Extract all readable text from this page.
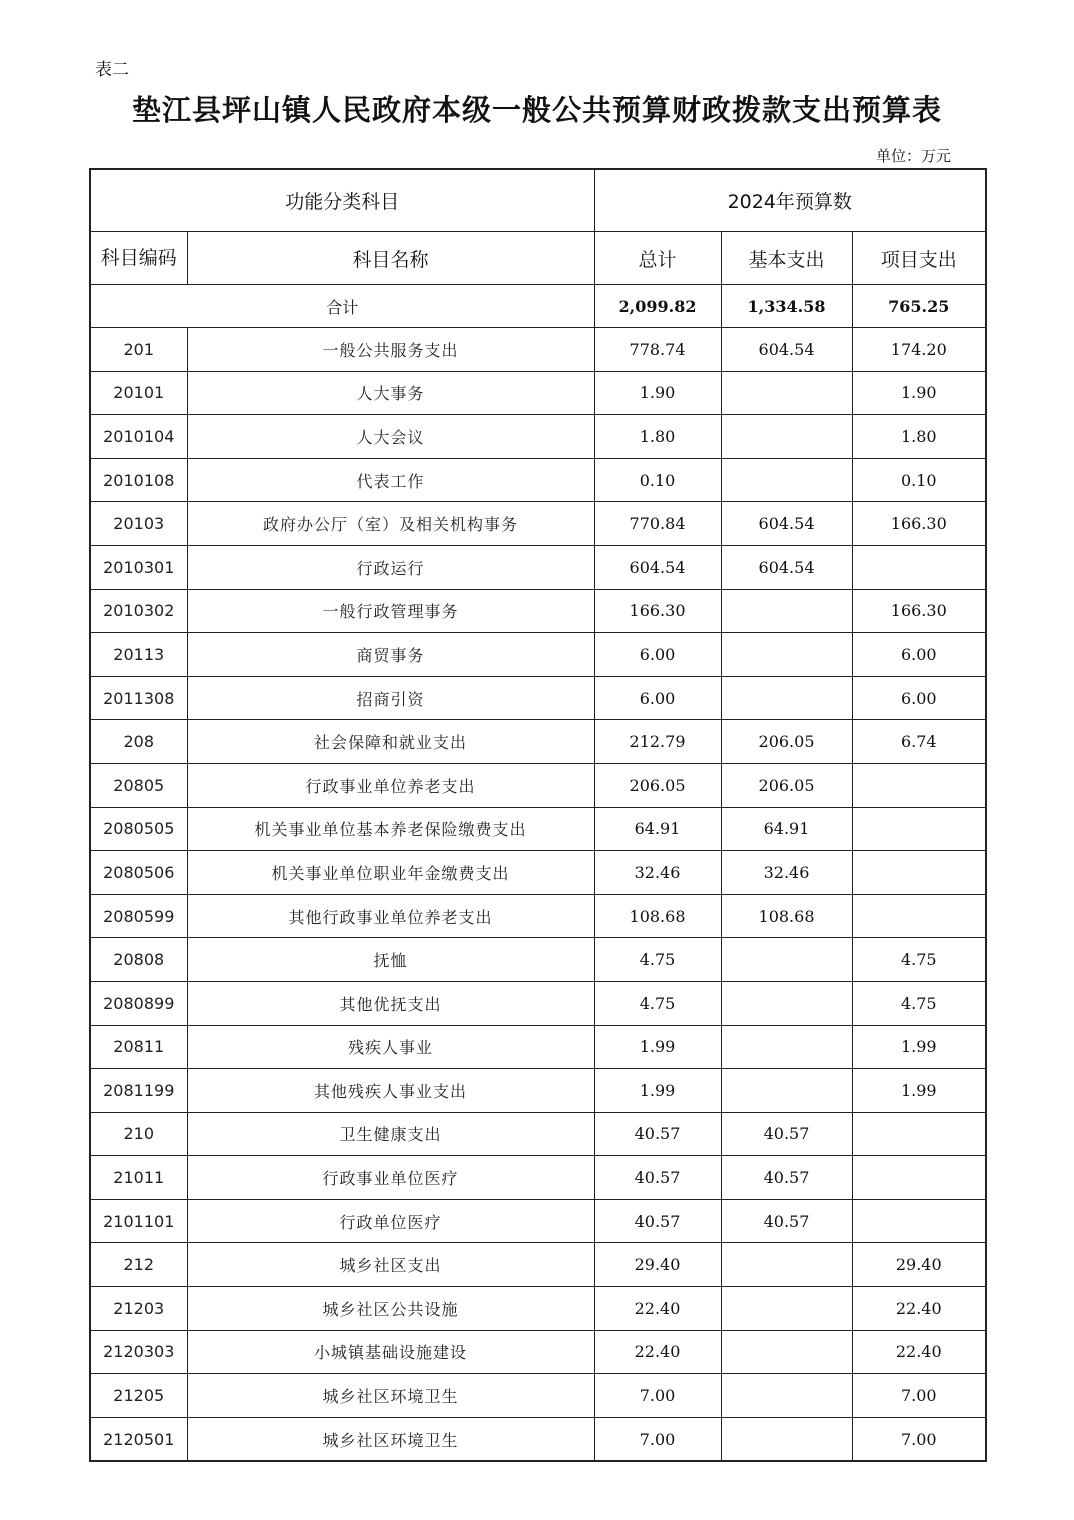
表二
垫江县坪山镇人民政府本级一般公共预算财政拨款支出预算表
单位：万元
功能分类科目		2024年预算数		
科目编码	科目名称	总计	基本支出	项目支出
合计		2,099.82	1,334.58	765.25
201	一般公共服务支出	778.74	604.54	174.20
20101	人大事务	1.90		1.90
2010104	人大会议	1.80		1.80
2010108	代表工作	0.10		0.10
20103	政府办公厅（室）及相关机构事务	770.84	604.54	166.30
2010301	行政运行	604.54	604.54	
2010302	一般行政管理事务	166.30		166.30
20113	商贸事务	6.00		6.00
2011308	招商引资	6.00		6.00
208	社会保障和就业支出	212.79	206.05	6.74
20805	行政事业单位养老支出	206.05	206.05	
2080505	机关事业单位基本养老保险缴费支出	64.91	64.91	
2080506	机关事业单位职业年金缴费支出	32.46	32.46	
2080599	其他行政事业单位养老支出	108.68	108.68	
20808	抚恤	4.75		4.75
2080899	其他优抚支出	4.75		4.75
20811	残疾人事业	1.99		1.99
2081199	其他残疾人事业支出	1.99		1.99
210	卫生健康支出	40.57	40.57	
21011	行政事业单位医疗	40.57	40.57	
2101101	行政单位医疗	40.57	40.57	
212	城乡社区支出	29.40		29.40
21203	城乡社区公共设施	22.40		22.40
2120303	小城镇基础设施建设	22.40		22.40
21205	城乡社区环境卫生	7.00		7.00
2120501	城乡社区环境卫生	7.00		7.00
